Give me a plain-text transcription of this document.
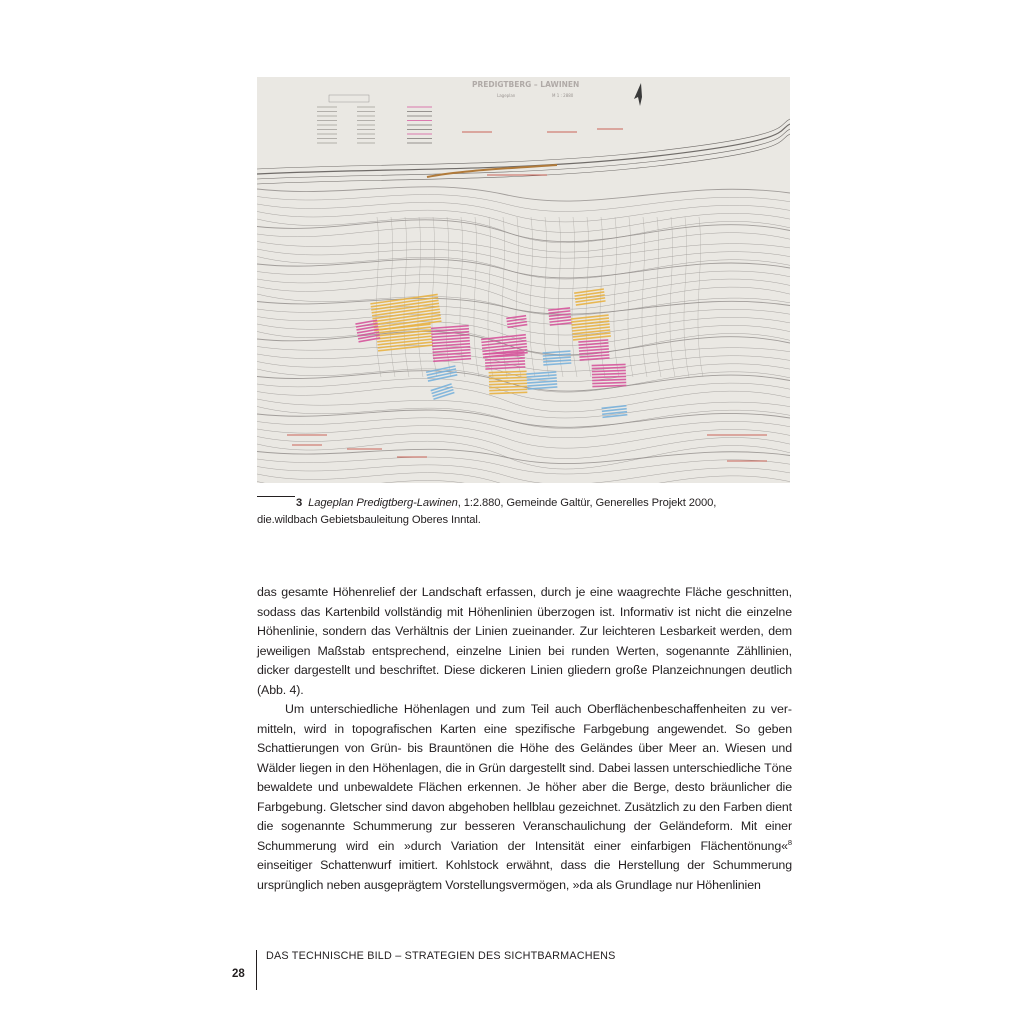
PREDIGTBERG – LAWINEN
Lageplan	M 1 : 2880
3 Lageplan Predigtberg-Lawinen, 1:2.880, Gemeinde Galtür, Generelles Projekt 2000,
die.wildbach Gebietsbauleitung Oberes Inntal.

das gesamte Höhenrelief der Landschaft erfassen, durch je eine waagrechte Fläche geschnitten, sodass das Kartenbild vollständig mit Höhenlinien überzogen ist. Informativ ist nicht die einzelne Höhenlinie, sondern das Verhältnis der Linien zueinander. Zur leichteren Lesbarkeit werden, dem jeweiligen Maßstab entsprechend, einzelne Linien bei runden Werten, sogenannte Zähllinien, dicker dargestellt und beschriftet. Diese dickeren Linien gliedern große Planzeichnungen deutlich (Abb. 4).

Um unterschiedliche Höhenlagen und zum Teil auch Oberflächenbeschaffenheiten zu vermitteln, wird in topografischen Karten eine spezifische Farbgebung angewendet. So geben Schattierungen von Grün- bis Brauntönen die Höhe des Geländes über Meer an. Wiesen und Wälder liegen in den Höhenlagen, die in Grün dargestellt sind. Dabei lassen unterschiedliche Töne bewaldete und unbewaldete Flächen erkennen. Je höher aber die Berge, desto bräunlicher die Farbgebung. Gletscher sind davon abgehoben hellblau gezeichnet. Zusätzlich zu den Farben dient die sogenannte Schummerung zur besseren Veranschaulichung der Geländeform. Mit einer Schummerung wird ein »durch Variation der Intensität einer einfarbigen Flächentönung«$^8$ einseitiger Schattenwurf imitiert. Kohlstock erwähnt, dass die Herstellung der Schummerung ursprünglich neben ausgeprägtem Vorstellungsvermögen, »da als Grundlage nur Höhenlinien

DAS TECHNISCHE BILD – STRATEGIEN DES SICHTBARMACHENS
28
